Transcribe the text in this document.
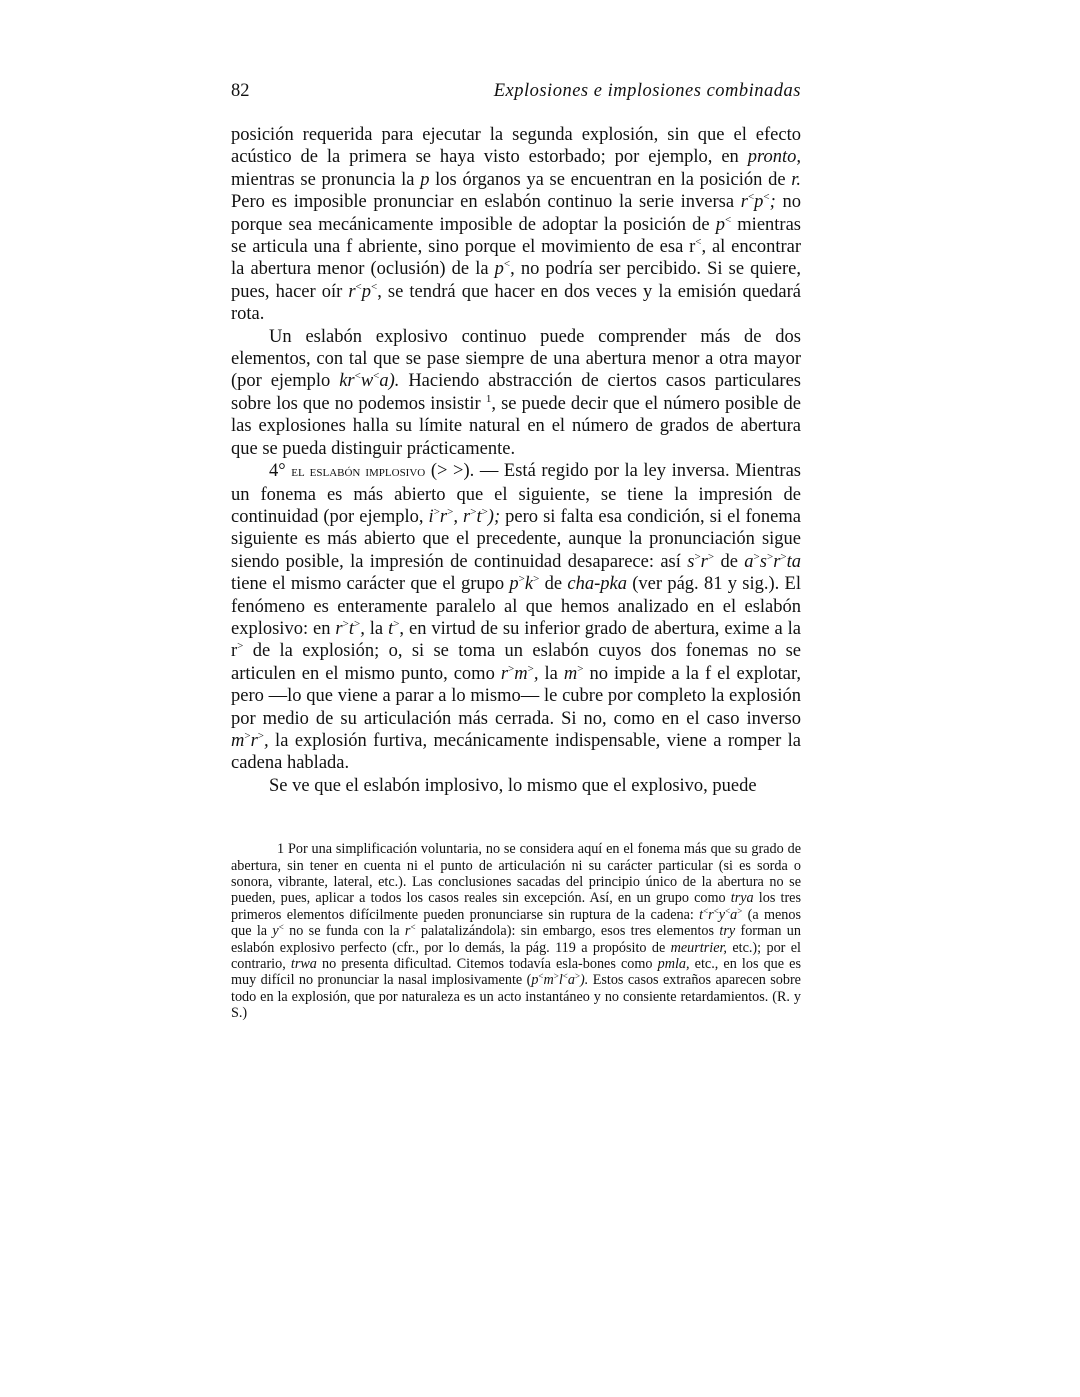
82	Explosiones e implosiones combinadas

posición requerida para ejecutar la segunda explosión, sin que el efecto acústico de la primera se haya visto estorbado; por ejemplo, en pronto, mientras se pronuncia la p los órganos ya se encuentran en la posición de r. Pero es imposible pronunciar en eslabón continuo la serie inversa r<p<; no porque sea mecánicamente imposible de adoptar la posición de p< mientras se articula una f abriente, sino porque el movimiento de esa r<, al encontrar la abertura menor (oclusión) de la p<, no podría ser percibido. Si se quiere, pues, hacer oír r<p<, se tendrá que hacer en dos veces y la emisión quedará rota.

Un eslabón explosivo continuo puede comprender más de dos elementos, con tal que se pase siempre de una abertura menor a otra mayor (por ejemplo kr<w<a). Haciendo abstracción de ciertos casos particulares sobre los que no podemos insistir $^1$, se puede decir que el número posible de las explosiones halla su límite natural en el número de grados de abertura que se pueda distinguir prácticamente.

4° el eslabón implosivo (> >). — Está regido por la ley inversa. Mientras un fonema es más abierto que el siguiente, se tiene la impresión de continuidad (por ejemplo, i>r>, r>t>); pero si falta esa condición, si el fonema siguiente es más abierto que el precedente, aunque la pronunciación sigue siendo posible, la impresión de continuidad desaparece: así s>r> de a>s>r>ta tiene el mismo carácter que el grupo p>k> de cha-pka (ver pág. 81 y sig.). El fenómeno es enteramente paralelo al que hemos analizado en el eslabón explosivo: en r>t>, la t>, en virtud de su inferior grado de abertura, exime a la r> de la explosión; o, si se toma un eslabón cuyos dos fonemas no se articulen en el mismo punto, como r>m>, la m> no impide a la f el explotar, pero —lo que viene a parar a lo mismo— le cubre por completo la explosión por medio de su articulación más cerrada. Si no, como en el caso inverso m>r>, la explosión furtiva, mecánicamente indispensable, viene a romper la cadena hablada.

Se ve que el eslabón implosivo, lo mismo que el explosivo, puede

1 Por una simplificación voluntaria, no se considera aquí en el fonema más que su grado de abertura, sin tener en cuenta ni el punto de articulación ni su carácter particular (si es sorda o sonora, vibrante, lateral, etc.). Las conclusiones sacadas del principio único de la abertura no se pueden, pues, aplicar a todos los casos reales sin excepción. Así, en un grupo como trya los tres primeros elementos difícilmente pueden pronunciarse sin ruptura de la cadena: t<r<y<a> (a menos que la y< no se funda con la r< palatalizándola): sin embargo, esos tres elementos try forman un eslabón explosivo perfecto (cfr., por lo demás, la pág. 119 a propósito de meurtrier, etc.); por el contrario, trwa no presenta dificultad. Citemos todavía esla-bones como pmla, etc., en los que es muy difícil no pronunciar la nasal implosivamente (p<m>l<a>). Estos casos extraños aparecen sobre todo en la explosión, que por naturaleza es un acto instantáneo y no consiente retardamientos. (R. y S.)
